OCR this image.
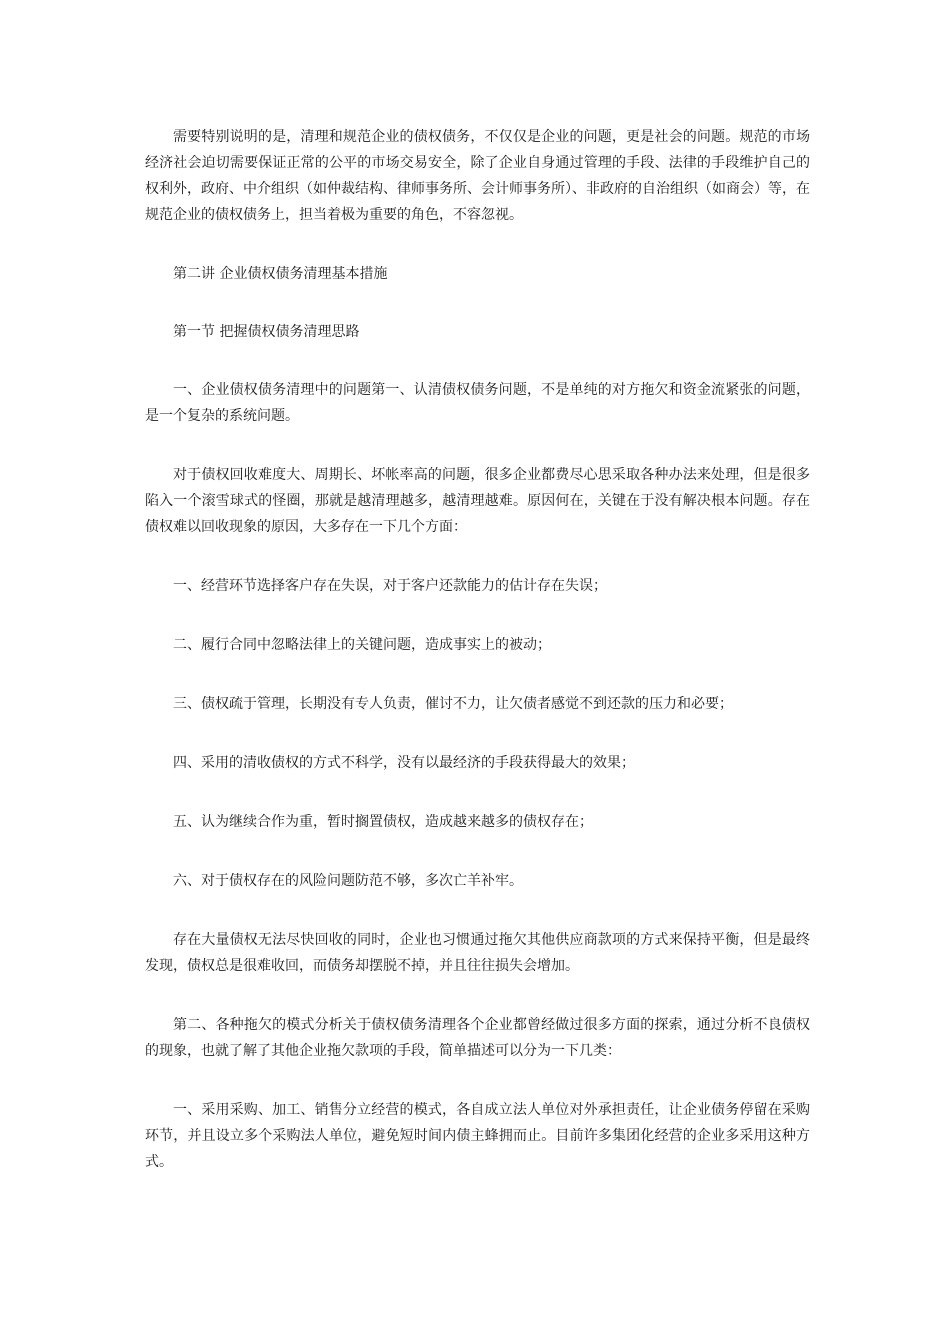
需要特别说明的是，清理和规范企业的债权债务，不仅仅是企业的问题，更是社会的问题。规范的市场经济社会迫切需要保证正常的公平的市场交易安全，除了企业自身通过管理的手段、法律的手段维护自己的权利外，政府、中介组织（如仲裁结构、律师事务所、会计师事务所）、非政府的自治组织（如商会）等，在规范企业的债权债务上，担当着极为重要的角色，不容忽视。

第二讲 企业债权债务清理基本措施

第一节 把握债权债务清理思路

一、企业债权债务清理中的问题第一、认清债权债务问题，不是单纯的对方拖欠和资金流紧张的问题，是一个复杂的系统问题。

对于债权回收难度大、周期长、坏帐率高的问题，很多企业都费尽心思采取各种办法来处理，但是很多陷入一个滚雪球式的怪圈，那就是越清理越多，越清理越难。原因何在，关键在于没有解决根本问题。存在债权难以回收现象的原因，大多存在一下几个方面：

一、经营环节选择客户存在失误，对于客户还款能力的估计存在失误；

二、履行合同中忽略法律上的关键问题，造成事实上的被动；

三、债权疏于管理，长期没有专人负责，催讨不力，让欠债者感觉不到还款的压力和必要；

四、采用的清收债权的方式不科学，没有以最经济的手段获得最大的效果；

五、认为继续合作为重，暂时搁置债权，造成越来越多的债权存在；

六、对于债权存在的风险问题防范不够，多次亡羊补牢。

存在大量债权无法尽快回收的同时，企业也习惯通过拖欠其他供应商款项的方式来保持平衡，但是最终发现，债权总是很难收回，而债务却摆脱不掉，并且往往损失会增加。

第二、各种拖欠的模式分析关于债权债务清理各个企业都曾经做过很多方面的探索，通过分析不良债权的现象，也就了解了其他企业拖欠款项的手段，简单描述可以分为一下几类：

一、采用采购、加工、销售分立经营的模式，各自成立法人单位对外承担责任，让企业债务停留在采购环节，并且设立多个采购法人单位，避免短时间内债主蜂拥而止。目前许多集团化经营的企业多采用这种方式。
